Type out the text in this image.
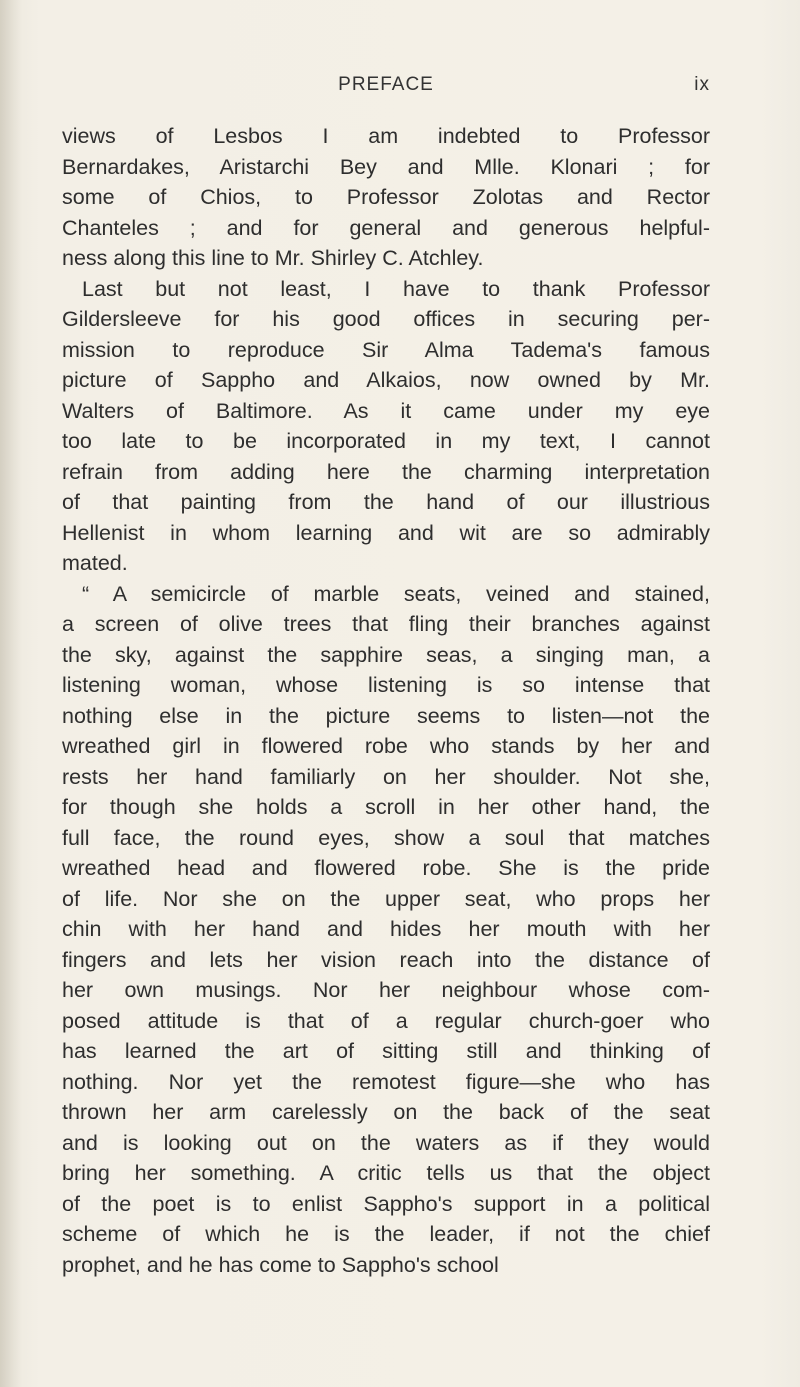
PREFACE	ix
views of Lesbos I am indebted to Professor
Bernardakes, Aristarchi Bey and Mlle. Klonari ; for
some of Chios, to Professor Zolotas and Rector
Chanteles ; and for general and generous helpful-
ness along this line to Mr. Shirley C. Atchley.
Last but not least, I have to thank Professor
Gildersleeve for his good offices in securing per-
mission to reproduce Sir Alma Tadema's famous
picture of Sappho and Alkaios, now owned by Mr.
Walters of Baltimore. As it came under my eye
too late to be incorporated in my text, I cannot
refrain from adding here the charming interpretation
of that painting from the hand of our illustrious
Hellenist in whom learning and wit are so admirably
mated.
“ A semicircle of marble seats, veined and stained,
a screen of olive trees that fling their branches against
the sky, against the sapphire seas, a singing man, a
listening woman, whose listening is so intense that
nothing else in the picture seems to listen—not the
wreathed girl in flowered robe who stands by her and
rests her hand familiarly on her shoulder. Not she,
for though she holds a scroll in her other hand, the
full face, the round eyes, show a soul that matches
wreathed head and flowered robe. She is the pride
of life. Nor she on the upper seat, who props her
chin with her hand and hides her mouth with her
fingers and lets her vision reach into the distance of
her own musings. Nor her neighbour whose com-
posed attitude is that of a regular church-goer who
has learned the art of sitting still and thinking of
nothing. Nor yet the remotest figure—she who has
thrown her arm carelessly on the back of the seat
and is looking out on the waters as if they would
bring her something. A critic tells us that the object
of the poet is to enlist Sappho's support in a political
scheme of which he is the leader, if not the chief
prophet, and he has come to Sappho's school
